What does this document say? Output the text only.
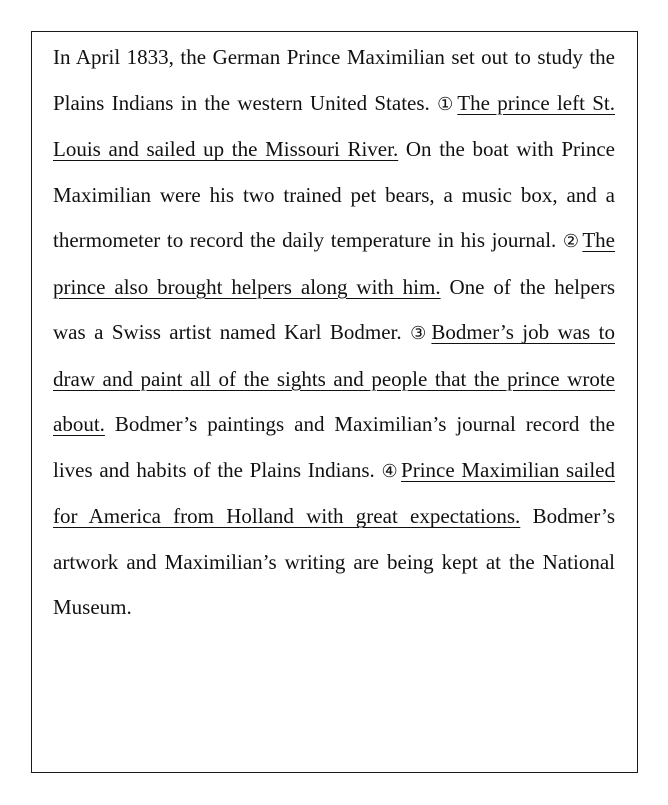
In April 1833, the German Prince Maximilian set out to study the Plains Indians in the western United States. ①The prince left St. Louis and sailed up the Missouri River. On the boat with Prince Maximilian were his two trained pet bears, a music box, and a thermometer to record the daily temperature in his journal. ②The prince also brought helpers along with him. One of the helpers was a Swiss artist named Karl Bodmer. ③Bodmer’s job was to draw and paint all of the sights and people that the prince wrote about. Bodmer’s paintings and Maximilian’s journal record the lives and habits of the Plains Indians. ④Prince Maximilian sailed for America from Holland with great expectations. Bodmer’s artwork and Maximilian’s writing are being kept at the National Museum.
